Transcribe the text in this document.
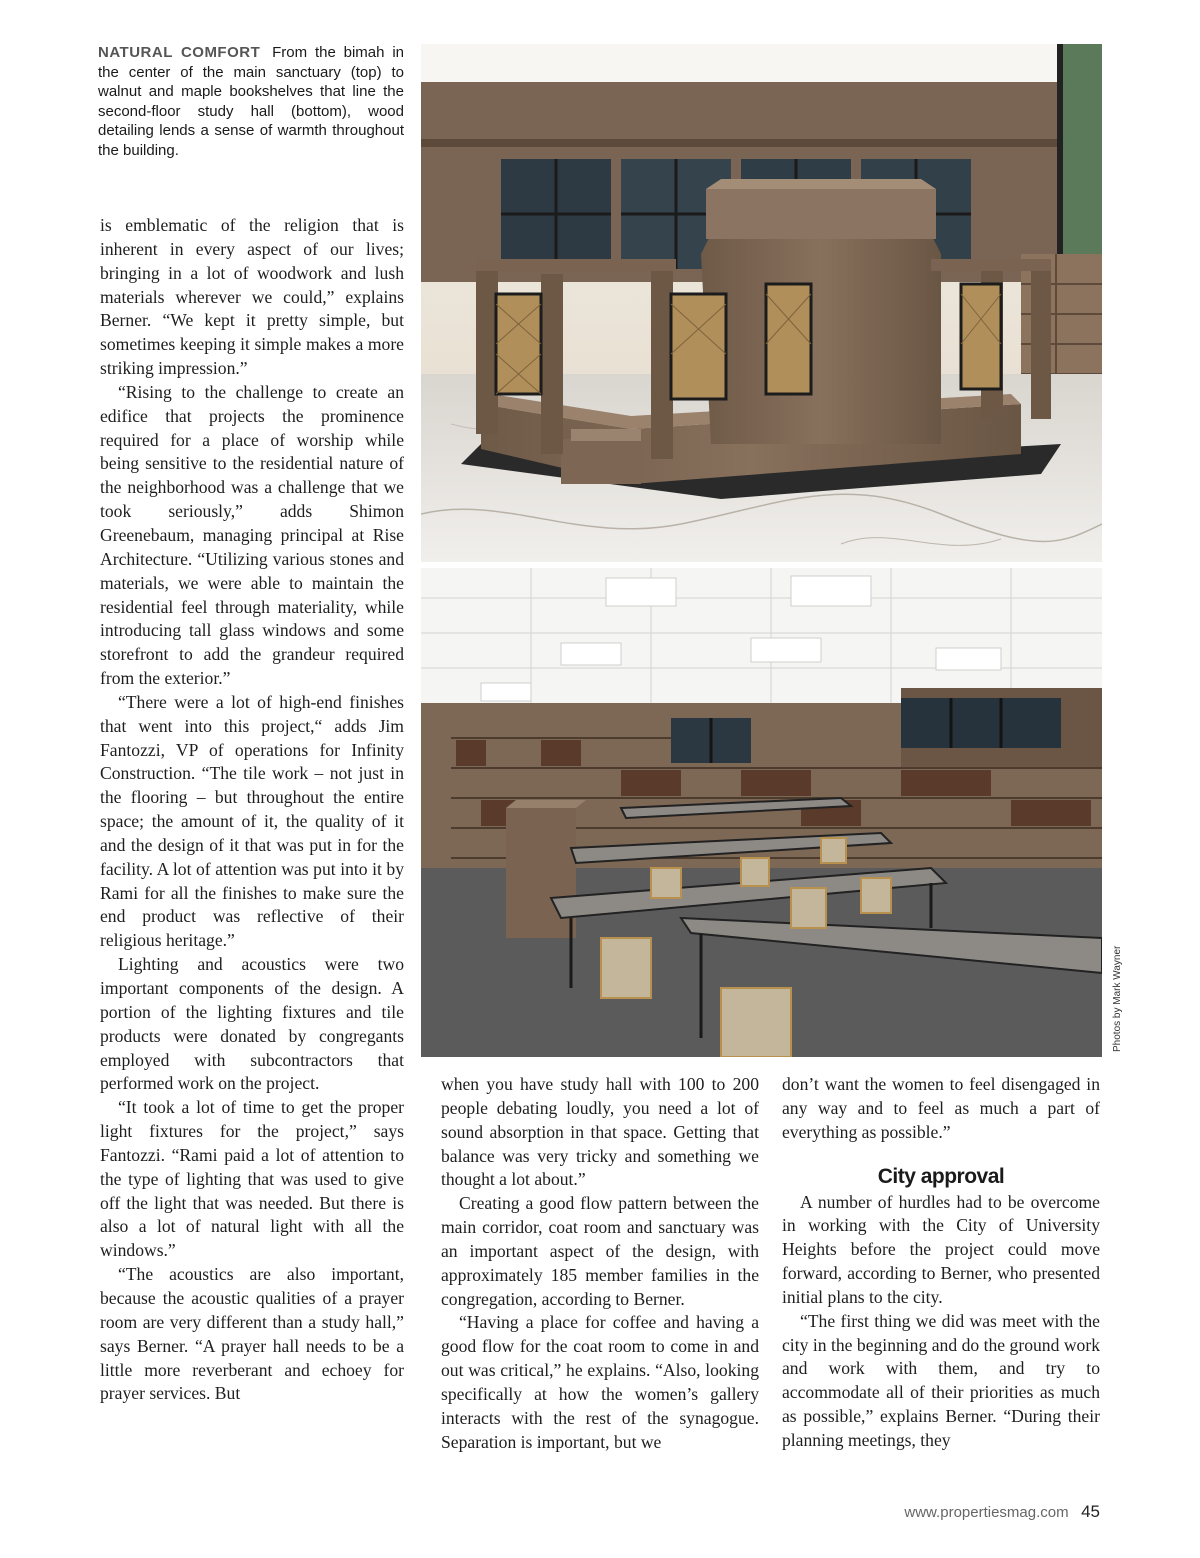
NATURAL COMFORT From the bimah in the center of the main sanctuary (top) to walnut and maple bookshelves that line the second-floor study hall (bottom), wood detailing lends a sense of warmth throughout the building.

is emblematic of the religion that is inherent in every aspect of our lives; bringing in a lot of woodwork and lush materials wherever we could,” explains Berner. “We kept it pretty simple, but sometimes keeping it simple makes a more striking impression.”

“Rising to the challenge to create an edifice that projects the prominence required for a place of worship while being sensitive to the residential nature of the neighborhood was a challenge that we took seriously,” adds Shimon Greenebaum, managing principal at Rise Architecture. “Utilizing various stones and materials, we were able to maintain the residential feel through materiality, while introducing tall glass windows and some storefront to add the grandeur required from the exterior.”

“There were a lot of high-end finishes that went into this project,“ adds Jim Fantozzi, VP of operations for Infinity Construction. “The tile work – not just in the flooring – but throughout the entire space; the amount of it, the quality of it and the design of it that was put in for the facility. A lot of attention was put into it by Rami for all the finishes to make sure the end product was reflective of their religious heritage.”

Lighting and acoustics were two important components of the design. A portion of the lighting fixtures and tile products were donated by congregants employed with subcontractors that performed work on the project.

“It took a lot of time to get the proper light fixtures for the project,” says Fantozzi. “Rami paid a lot of attention to the type of lighting that was used to give off the light that was needed. But there is also a lot of natural light with all the windows.”

“The acoustics are also important, because the acoustic qualities of a prayer room are very different than a study hall,” says Berner. “A prayer hall needs to be a little more reverberant and echoey for prayer services. But

when you have study hall with 100 to 200 people debating loudly, you need a lot of sound absorption in that space. Getting that balance was very tricky and something we thought a lot about.”

Creating a good flow pattern between the main corridor, coat room and sanctuary was an important aspect of the design, with approximately 185 member families in the congregation, according to Berner.

“Having a place for coffee and having a good flow for the coat room to come in and out was critical,” he explains. “Also, looking specifically at how the women’s gallery interacts with the rest of the synagogue. Separation is important, but we

don’t want the women to feel disengaged in any way and to feel as much a part of everything as possible.”

City approval

A number of hurdles had to be overcome in working with the City of University Heights before the project could move forward, according to Berner, who presented initial plans to the city.

“The first thing we did was meet with the city in the beginning and do the ground work and work with them, and try to accommodate all of their priorities as much as possible,” explains Berner. “During their planning meetings, they

Photos by Mark Wayner
www.propertiesmag.com 45
